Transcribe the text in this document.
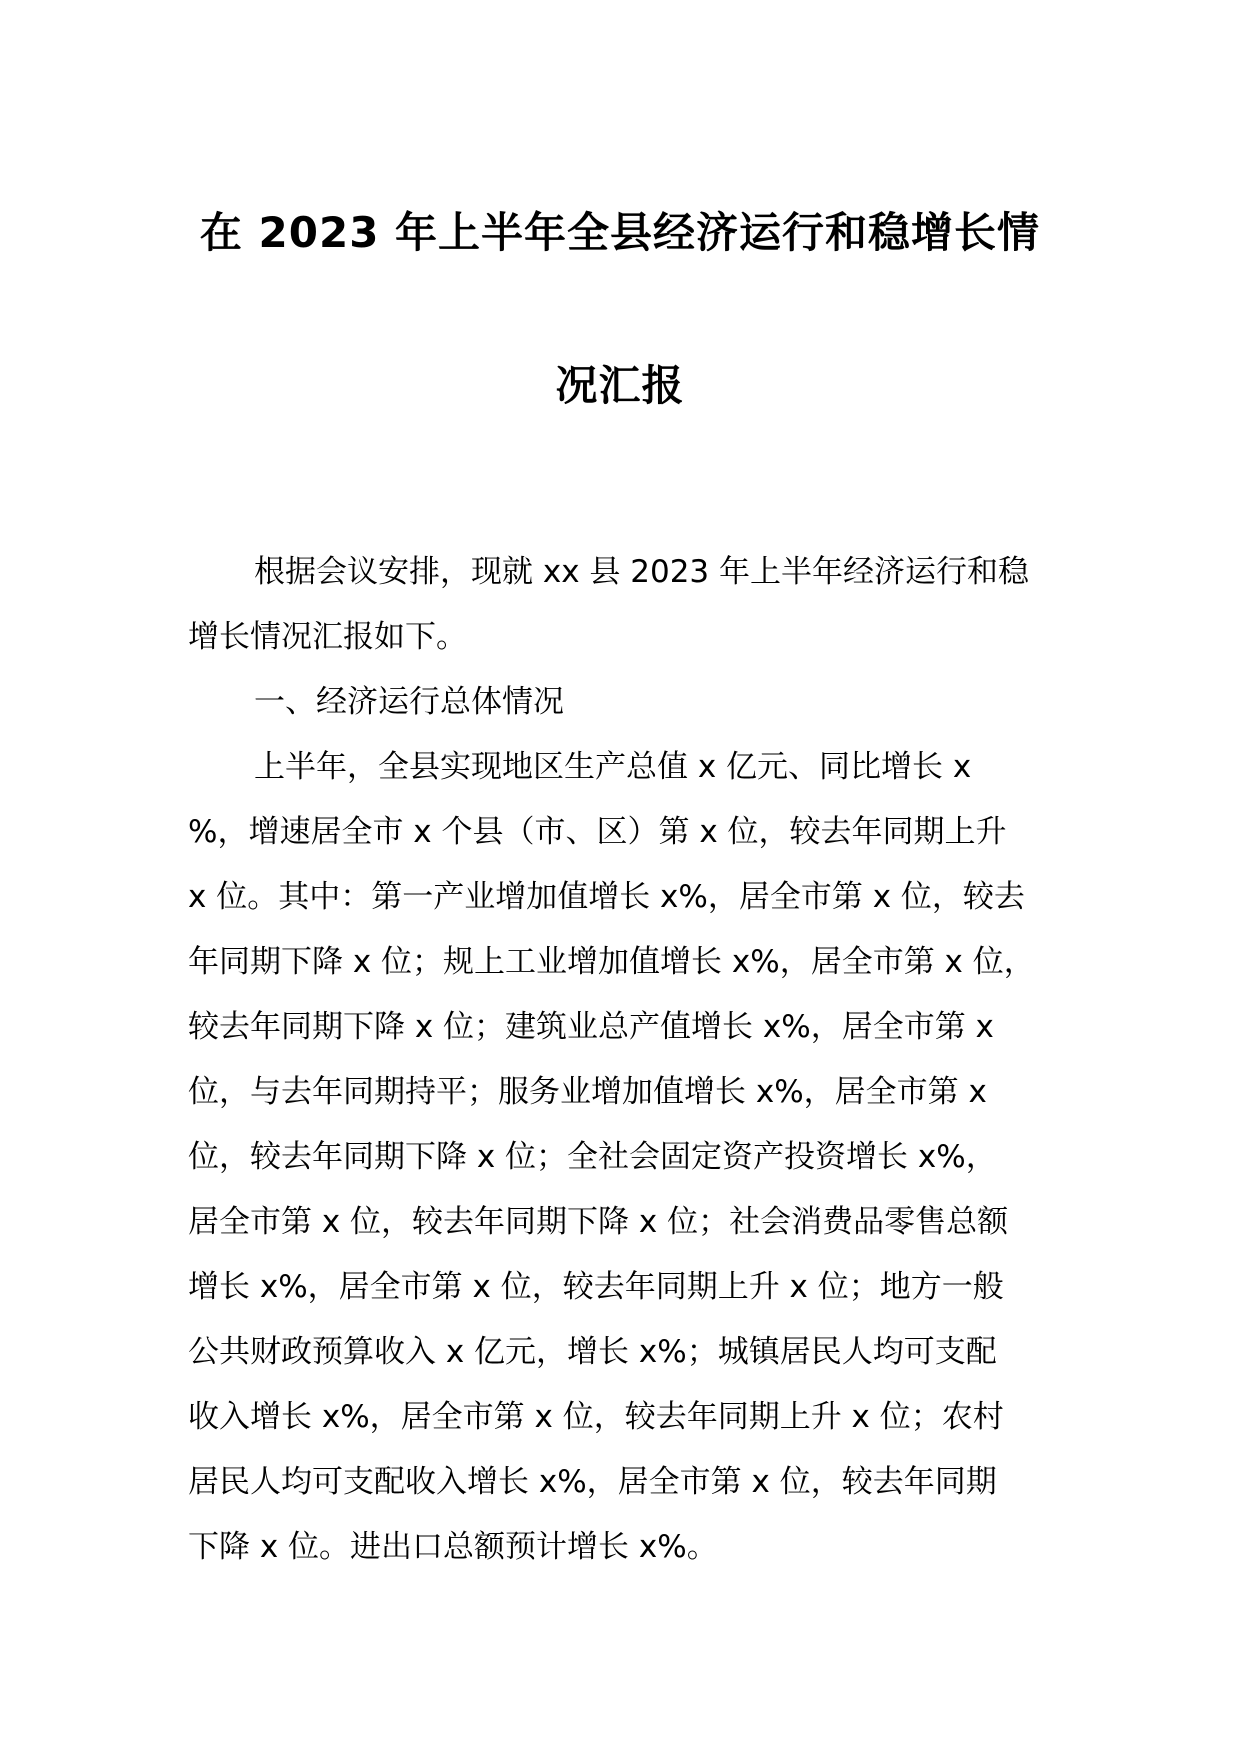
在 2023 年上半年全县经济运行和稳增长情
况汇报
根据会议安排，现就 xx 县 2023 年上半年经济运行和稳
增长情况汇报如下。
一、经济运行总体情况
上半年，全县实现地区生产总值 x 亿元、同比增长 x
%，增速居全市 x 个县（市、区）第 x 位，较去年同期上升
x 位。其中：第一产业增加值增长 x%，居全市第 x 位，较去
年同期下降 x 位；规上工业增加值增长 x%，居全市第 x 位，
较去年同期下降 x 位；建筑业总产值增长 x%，居全市第 x
位，与去年同期持平；服务业增加值增长 x%，居全市第 x
位，较去年同期下降 x 位；全社会固定资产投资增长 x%，
居全市第 x 位，较去年同期下降 x 位；社会消费品零售总额
增长 x%，居全市第 x 位，较去年同期上升 x 位；地方一般
公共财政预算收入 x 亿元，增长 x%；城镇居民人均可支配
收入增长 x%，居全市第 x 位，较去年同期上升 x 位；农村
居民人均可支配收入增长 x%，居全市第 x 位，较去年同期
下降 x 位。进出口总额预计增长 x%。
